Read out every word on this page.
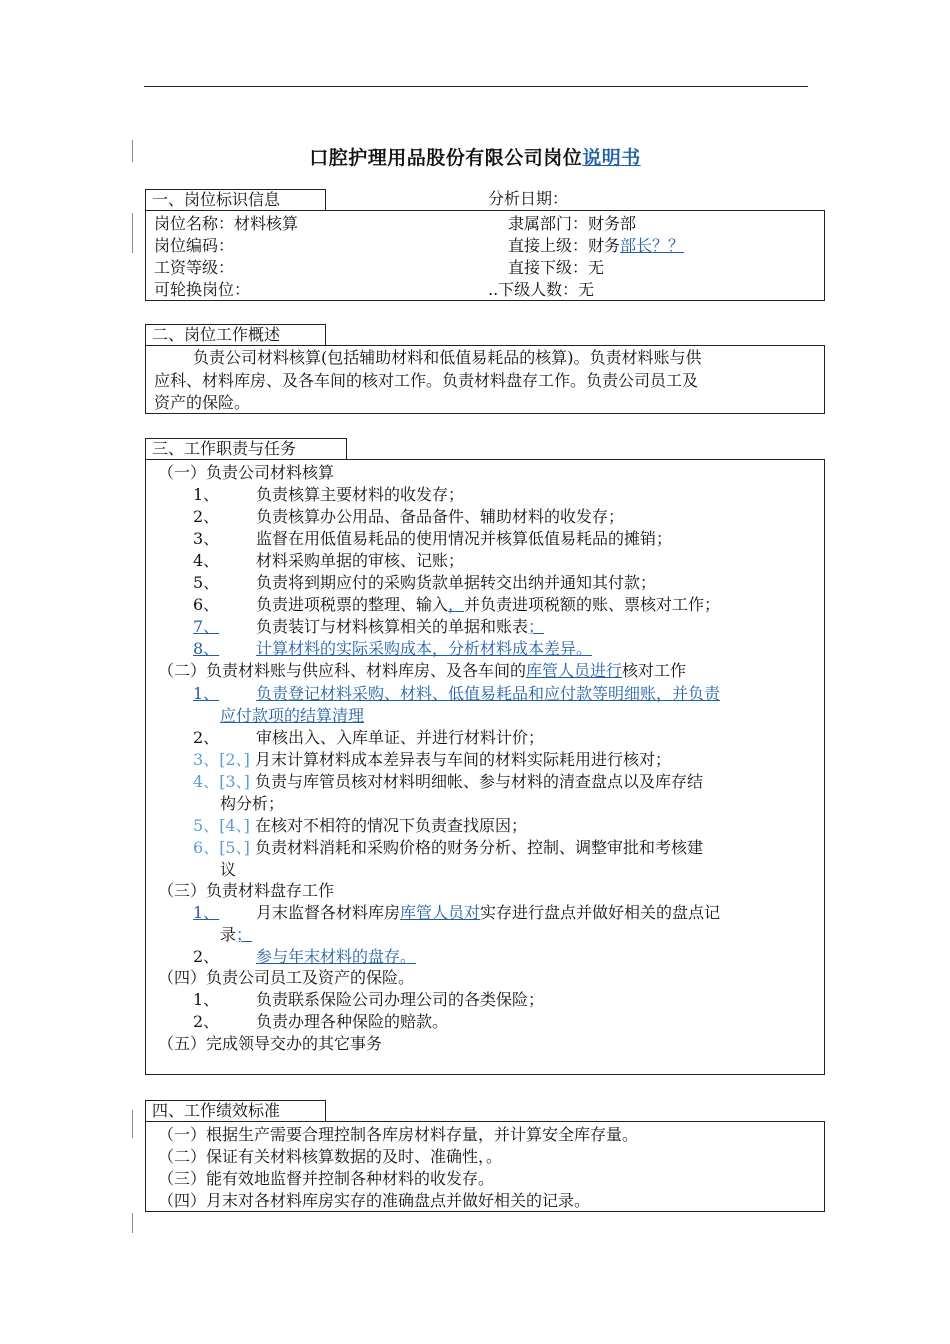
口腔护理用品股份有限公司岗位说明书
一、岗位标识信息	分析日期：
岗位名称：材料核算	隶属部门：财务部
岗位编码：	直接上级：财务部长？？
工资等级：	直接下级：无
可轮换岗位：	..下级人数：无
二、岗位工作概述
负责公司材料核算(包括辅助材料和低值易耗品的核算)。负责材料账与供
应科、材料库房、及各车间的核对工作。负责材料盘存工作。负责公司员工及
资产的保险。
三、工作职责与任务
（一）负责公司材料核算
1、 负责核算主要材料的收发存；
2、 负责核算办公用品、备品备件、辅助材料的收发存；
3、 监督在用低值易耗品的使用情况并核算低值易耗品的摊销；
4、 材料采购单据的审核、记账；
5、 负责将到期应付的采购货款单据转交出纳并通知其付款；
6、 负责进项税票的整理、输入，并负责进项税额的账、票核对工作；
7、	负责装订与材料核算相关的单据和账表；
8、	计算材料的实际采购成本，分析材料成本差异。
（二）负责材料账与供应科、材料库房、及各车间的库管人员进行核对工作
1、	负责登记材料采购、材料、低值易耗品和应付款等明细账，并负责
应付款项的结算清理
2、 审核出入、入库单证、并进行材料计价；
3、[2、] 月末计算材料成本差异表与车间的材料实际耗用进行核对；
4、[3、] 负责与库管员核对材料明细帐、参与材料的清查盘点以及库存结
构分析；
5、[4、] 在核对不相符的情况下负责查找原因；
6、[5、] 负责材料消耗和采购价格的财务分析、控制、调整审批和考核建
议
（三）负责材料盘存工作
1、	月末监督各材料库房库管人员对实存进行盘点并做好相关的盘点记
录；
2、 参与年末材料的盘存。
（四）负责公司员工及资产的保险。
1、 负责联系保险公司办理公司的各类保险；
2、 负责办理各种保险的赔款。
（五）完成领导交办的其它事务
四、工作绩效标准
（一）根据生产需要合理控制各库房材料存量，并计算安全库存量。
（二）保证有关材料核算数据的及时、准确性，。
（三）能有效地监督并控制各种材料的收发存。
（四）月末对各材料库房实存的准确盘点并做好相关的记录。
